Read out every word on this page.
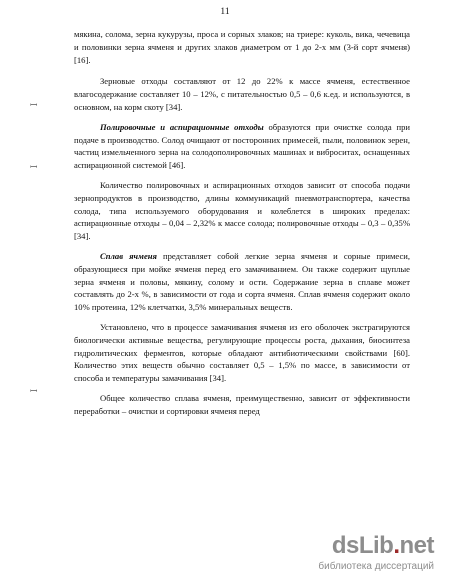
11
ꟷ
ꟷ
ꟷ

мякина, солома, зерна кукурузы, проса и сорных злаков; на триере: куколь, вика, чечевица и половинки зерна ячменя и других злаков диаметром от 1 до 2-х мм (3-й сорт ячменя) [16].

Зерновые отходы составляют от 12 до 22% к массе ячменя, естественное влагосодержание составляет 10 – 12%, с питательностью 0,5 – 0,6 к.ед. и используются, в основном, на корм скоту [34].

Полировочные и аспирационные отходы образуются при очистке солода при подаче в производство. Солод очищают от посторонних примесей, пыли, половинок зерен, частиц измельченного зерна на солодополировочных машинах и виброситах, оснащенных аспирационной системой [46].

Количество полировочных и аспирационных отходов зависит от способа подачи зернопродуктов в производство, длины коммуникаций пневмотранспортера, качества солода, типа используемого оборудования и колеблется в широких пределах: аспирационные отходы – 0,04 – 2,32% к массе солода; полировочные отходы – 0,3 – 0,35% [34].

Сплав ячменя представляет собой легкие зерна ячменя и сорные примеси, образующиеся при мойке ячменя перед его замачиванием. Он также содержит щуплые зерна ячменя и половы, мякину, солому и ости. Содержание зерна в сплаве может составлять до 2-х %, в зависимости от года и сорта ячменя. Сплав ячменя содержит около 10% протеина, 12% клетчатки, 3,5% минеральных веществ.

Установлено, что в процессе замачивания ячменя из его оболочек экстрагируются биологически активные вещества, регулирующие процессы роста, дыхания, биосинтеза гидролитических ферментов, которые обладают антибиотическими свойствами [60]. Количество этих веществ обычно составляет 0,5 – 1,5% по массе, в зависимости от способа и температуры замачивания [34].

Общее количество сплава ячменя, преимущественно, зависит от эффективности переработки – очистки и сортировки ячменя перед

dsLib.net
библиотека диссертаций
